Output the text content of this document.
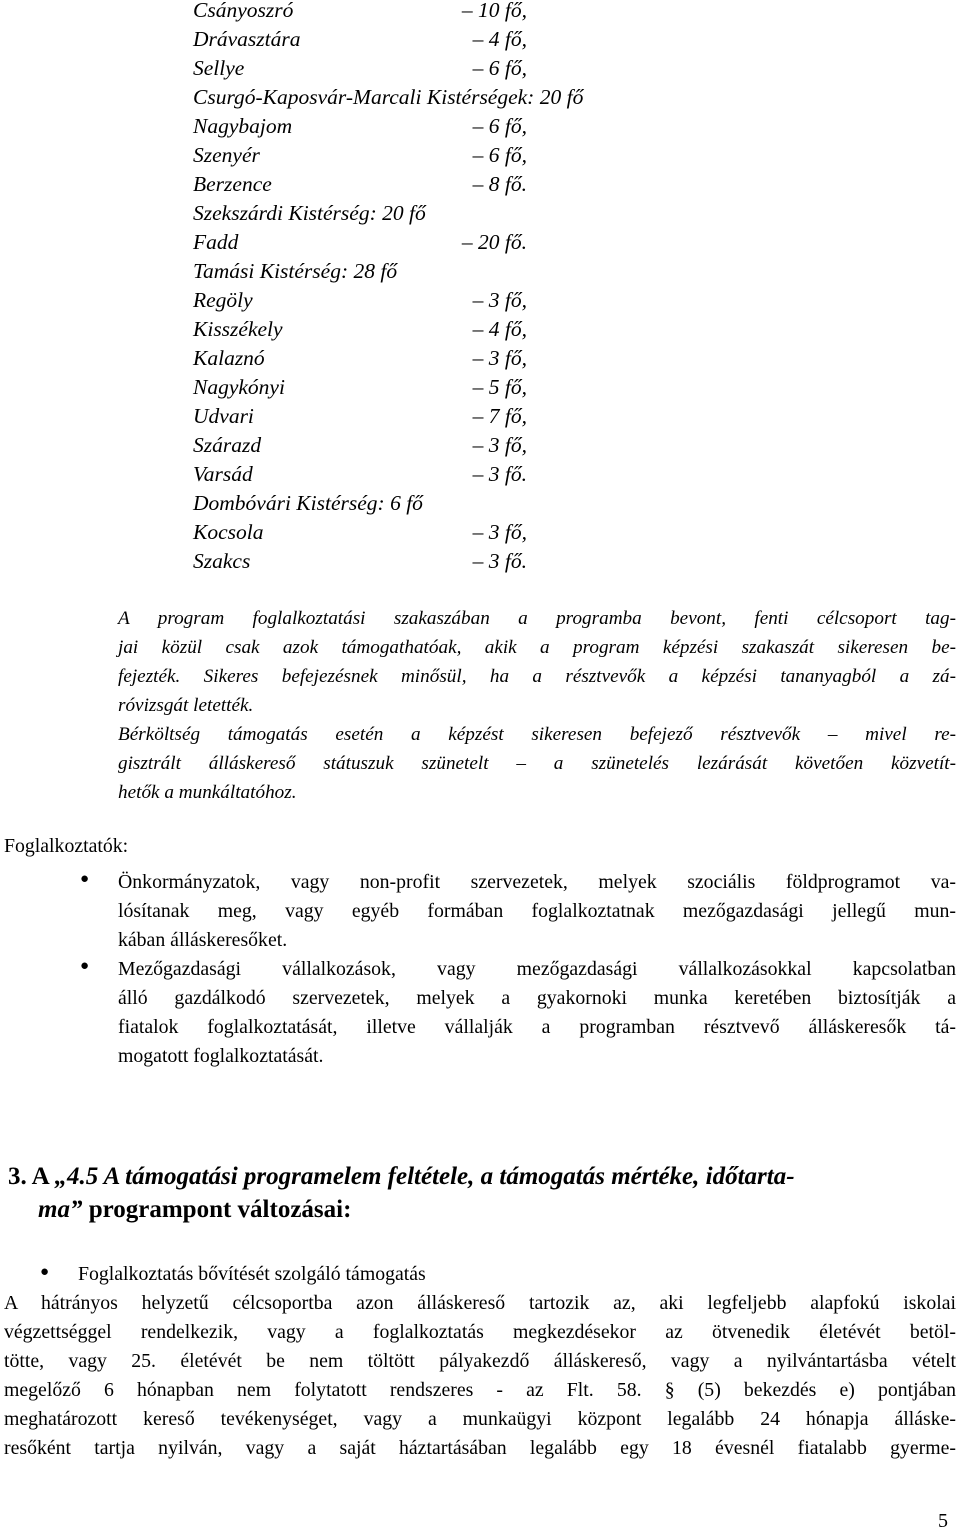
Csányoszró	– 10 fő,
Drávasztára	– 4 fő,
Sellye	– 6 fő,
Csurgó-Kaposvár-Marcali Kistérségek: 20 fő
Nagybajom	– 6 fő,
Szenyér	– 6 fő,
Berzence	– 8 fő.
Szekszárdi Kistérség: 20 fő
Fadd	– 20 fő.
Tamási Kistérség: 28 fő
Regöly	– 3 fő,
Kisszékely	– 4 fő,
Kalaznó	– 3 fő,
Nagykónyi	– 5 fő,
Udvari	– 7 fő,
Szárazd	– 3 fő,
Varsád	– 3 fő.
Dombóvári Kistérség: 6 fő
Kocsola	– 3 fő,
Szakcs	– 3 fő.
A program foglalkoztatási szakaszában a programba bevont, fenti célcsoport tag-
jai közül csak azok támogathatóak, akik a program képzési szakaszát sikeresen be-
fejezték. Sikeres befejezésnek minősül, ha a résztvevők a képzési tananyagból a zá-
róvizsgát letették.
Bérköltség támogatás esetén a képzést sikeresen befejező résztvevők – mivel re-
gisztrált álláskereső státuszuk szünetelt – a szünetelés lezárását követően közvetít-
hetők a munkáltatóhoz.
Foglalkoztatók:
● Önkormányzatok, vagy non-profit szervezetek, melyek szociális földprogramot va-
lósítanak meg, vagy egyéb formában foglalkoztatnak mezőgazdasági jellegű mun-
kában álláskeresőket.
● Mezőgazdasági vállalkozások, vagy mezőgazdasági vállalkozásokkal kapcsolatban
álló gazdálkodó szervezetek, melyek a gyakornoki munka keretében biztosítják a
fiatalok foglalkoztatását, illetve vállalják a programban résztvevő álláskeresők tá-
mogatott foglalkoztatását.
3. A „4.5 A támogatási programelem feltétele, a támogatás mértéke, időtarta-
ma” programpont változásai:
● Foglalkoztatás bővítését szolgáló támogatás
A hátrányos helyzetű célcsoportba azon álláskereső tartozik az, aki legfeljebb alapfokú iskolai
végzettséggel rendelkezik, vagy a foglalkoztatás megkezdésekor az ötvenedik életévét betöl-
tötte, vagy 25. életévét be nem töltött pályakezdő álláskereső, vagy a nyilvántartásba vételt
megelőző 6 hónapban nem folytatott rendszeres - az Flt. 58. § (5) bekezdés e) pontjában
meghatározott kereső tevékenységet, vagy a munkaügyi központ legalább 24 hónapja álláske-
resőként tartja nyilván, vagy a saját háztartásában legalább egy 18 évesnél fiatalabb gyerme-
5
